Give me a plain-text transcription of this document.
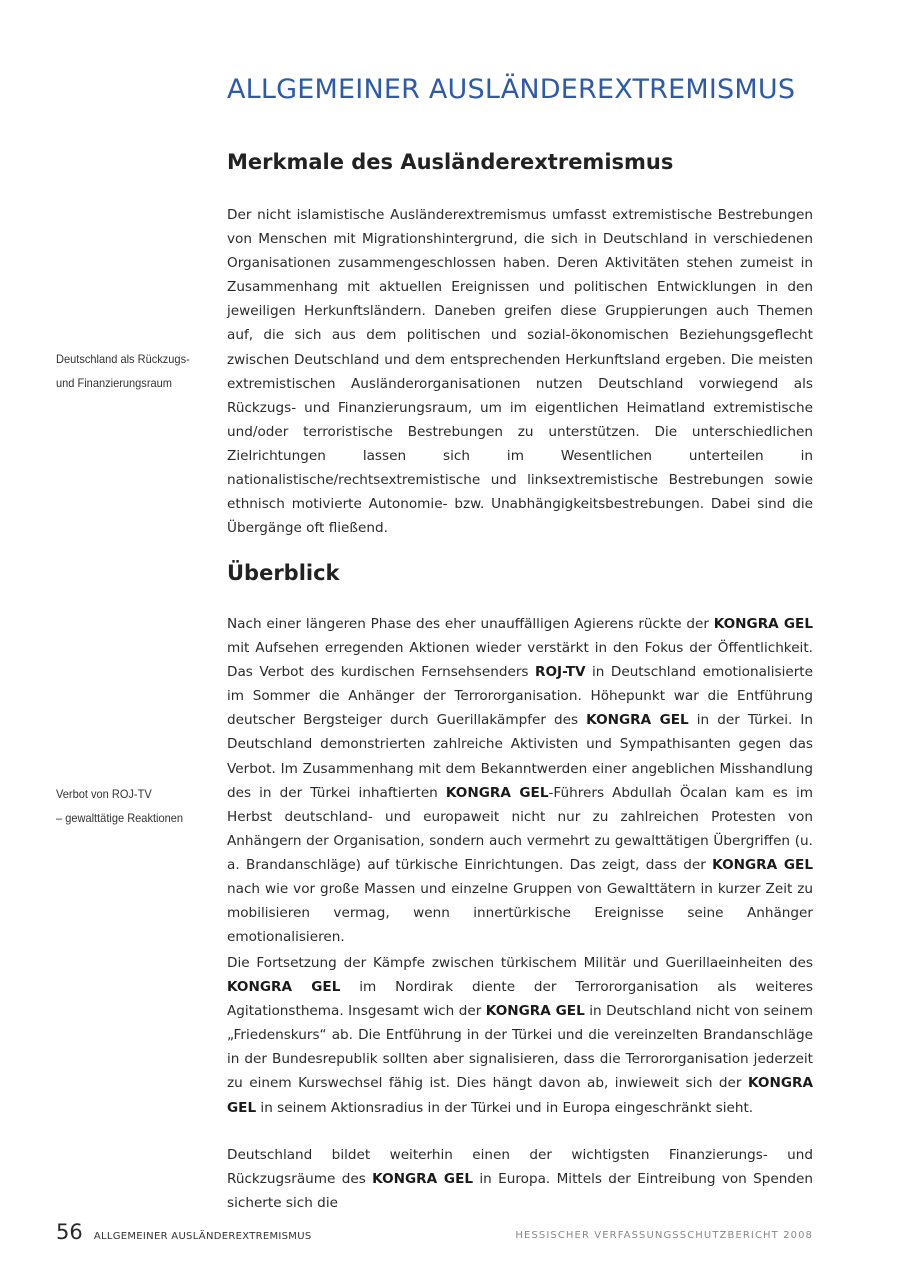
ALLGEMEINER AUSLÄNDEREXTREMISMUS
Merkmale des Ausländerextremismus
Deutschland als Rückzugs-
und Finanzierungsraum

Der nicht islamistische Ausländerextremismus umfasst extremistische Bestrebungen von Menschen mit Migrationshintergrund, die sich in Deutschland in verschiedenen Organisationen zusammengeschlossen haben. Deren Aktivitäten stehen zumeist in Zusammenhang mit aktuellen Ereignissen und politischen Entwicklungen in den jeweiligen Herkunftsländern. Daneben greifen diese Gruppierungen auch Themen auf, die sich aus dem politischen und sozial-ökonomischen Beziehungsgeflecht zwischen Deutschland und dem entsprechenden Herkunftsland ergeben. Die meisten extremistischen Ausländerorganisationen nutzen Deutschland vorwiegend als Rückzugs- und Finanzierungsraum, um im eigentlichen Heimatland extremistische und/oder terroristische Bestrebungen zu unterstützen. Die unterschiedlichen Zielrichtungen lassen sich im Wesentlichen unterteilen in nationalistische/rechtsextremistische und linksextremistische Bestrebungen sowie ethnisch motivierte Autonomie- bzw. Unabhängigkeitsbestrebungen. Dabei sind die Übergänge oft fließend.

Überblick
Verbot von ROJ-TV
– gewalttätige Reaktionen

Nach einer längeren Phase des eher unauffälligen Agierens rückte der KONGRA GEL mit Aufsehen erregenden Aktionen wieder verstärkt in den Fokus der Öffentlichkeit. Das Verbot des kurdischen Fernsehsenders ROJ-TV in Deutschland emotionalisierte im Sommer die Anhänger der Terrororganisation. Höhepunkt war die Entführung deutscher Bergsteiger durch Guerillakämpfer des KONGRA GEL in der Türkei. In Deutschland demonstrierten zahlreiche Aktivisten und Sympathisanten gegen das Verbot. Im Zusammenhang mit dem Bekanntwerden einer angeblichen Misshandlung des in der Türkei inhaftierten KONGRA GEL-Führers Abdullah Öcalan kam es im Herbst deutschland- und europaweit nicht nur zu zahlreichen Protesten von Anhängern der Organisation, sondern auch vermehrt zu gewalttätigen Übergriffen (u. a. Brandanschläge) auf türkische Einrichtungen. Das zeigt, dass der KONGRA GEL nach wie vor große Massen und einzelne Gruppen von Gewalttätern in kurzer Zeit zu mobilisieren vermag, wenn innertürkische Ereignisse seine Anhänger emotionalisieren.

Die Fortsetzung der Kämpfe zwischen türkischem Militär und Guerillaeinheiten des KONGRA GEL im Nordirak diente der Terrororganisation als weiteres Agitationsthema. Insgesamt wich der KONGRA GEL in Deutschland nicht von seinem „Friedenskurs“ ab. Die Entführung in der Türkei und die vereinzelten Brandanschläge in der Bundesrepublik sollten aber signalisieren, dass die Terrororganisation jederzeit zu einem Kurswechsel fähig ist. Dies hängt davon ab, inwieweit sich der KONGRA GEL in seinem Aktionsradius in der Türkei und in Europa eingeschränkt sieht.

Deutschland bildet weiterhin einen der wichtigsten Finanzierungs- und Rückzugsräume des KONGRA GEL in Europa. Mittels der Eintreibung von Spenden sicherte sich die

56 ALLGEMEINER AUSLÄNDEREXTREMISMUS	HESSISCHER VERFASSUNGSSCHUTZBERICHT 2008
